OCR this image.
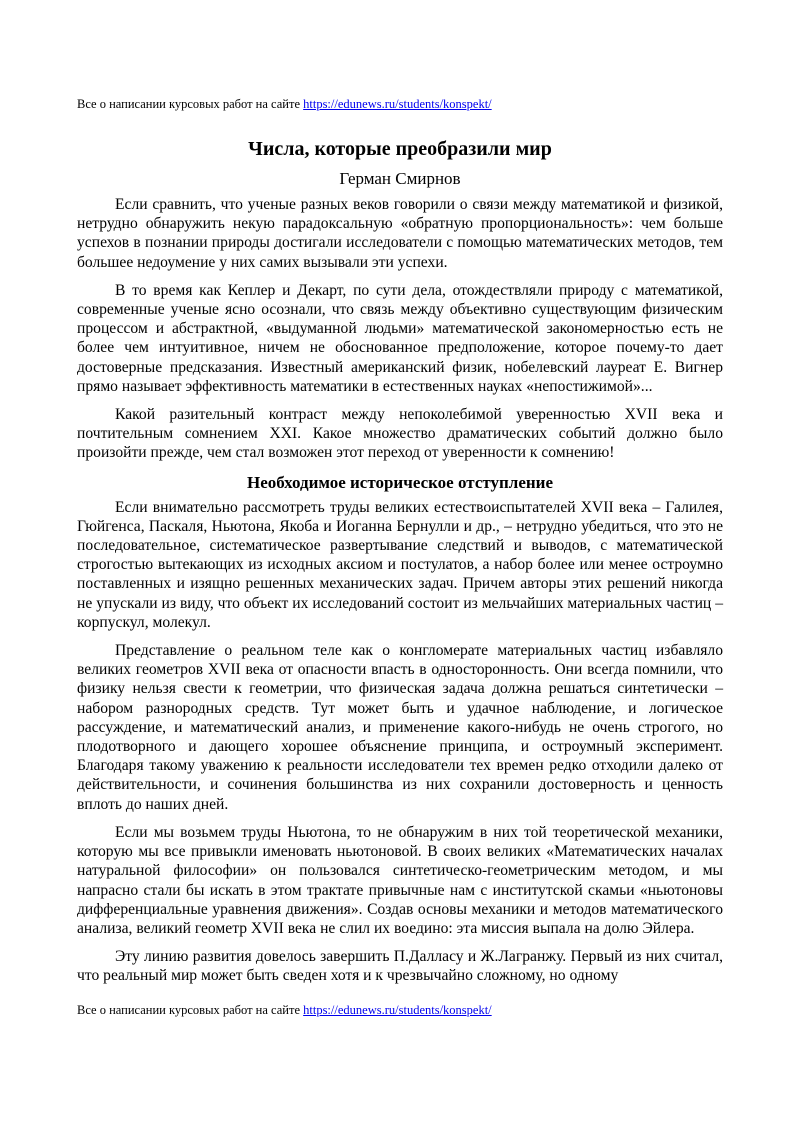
Все о написании курсовых работ на сайте https://edunews.ru/students/konspekt/
Числа, которые преобразили мир
Герман Смирнов

Если сравнить, что ученые разных веков говорили о связи между математикой и физикой, нетрудно обнаружить некую парадоксальную «обратную пропорциональность»: чем больше успехов в познании природы достигали исследователи с помощью математических методов, тем большее недоумение у них самих вызывали эти успехи.

В то время как Кеплер и Декарт, по сути дела, отождествляли природу с математикой, современные ученые ясно осознали, что связь между объективно существующим физическим процессом и абстрактной, «выдуманной людьми» математической закономерностью есть не более чем интуитивное, ничем не обоснованное предположение, которое почему-то дает достоверные предсказания. Известный американский физик, нобелевский лауреат Е. Вигнер прямо называет эффективность математики в естественных науках «непостижимой»...

Какой разительный контраст между непоколебимой уверенностью XVII века и почтительным сомнением XXI. Какое множество драматических событий должно было произойти прежде, чем стал возможен этот переход от уверенности к сомнению!

Необходимое историческое отступление

Если внимательно рассмотреть труды великих естествоиспытателей XVII века – Галилея, Гюйгенса, Паскаля, Ньютона, Якоба и Иоганна Бернулли и др., – нетрудно убедиться, что это не последовательное, систематическое развертывание следствий и выводов, с математической строгостью вытекающих из исходных аксиом и постулатов, а набор более или менее остроумно поставленных и изящно решенных механических задач. Причем авторы этих решений никогда не упускали из виду, что объект их исследований состоит из мельчайших материальных частиц – корпускул, молекул.

Представление о реальном теле как о конгломерате материальных частиц избавляло великих геометров XVII века от опасности впасть в односторонность. Они всегда помнили, что физику нельзя свести к геометрии, что физическая задача должна решаться синтетически – набором разнородных средств. Тут может быть и удачное наблюдение, и логическое рассуждение, и математический анализ, и применение какого-нибудь не очень строгого, но плодотворного и дающего хорошее объяснение принципа, и остроумный эксперимент. Благодаря такому уважению к реальности исследователи тех времен редко отходили далеко от действительности, и сочинения большинства из них сохранили достоверность и ценность вплоть до наших дней.

Если мы возьмем труды Ньютона, то не обнаружим в них той теоретической механики, которую мы все привыкли именовать ньютоновой. В своих великих «Математических началах натуральной философии» он пользовался синтетическо-геометрическим методом, и мы напрасно стали бы искать в этом трактате привычные нам с институтской скамьи «ньютоновы дифференциальные уравнения движения». Создав основы механики и методов математического анализа, великий геометр XVII века не слил их воедино: эта миссия выпала на долю Эйлера.

Эту линию развития довелось завершить П.Далласу и Ж.Лагранжу. Первый из них считал, что реальный мир может быть сведен хотя и к чрезвычайно сложному, но одному

Все о написании курсовых работ на сайте https://edunews.ru/students/konspekt/
